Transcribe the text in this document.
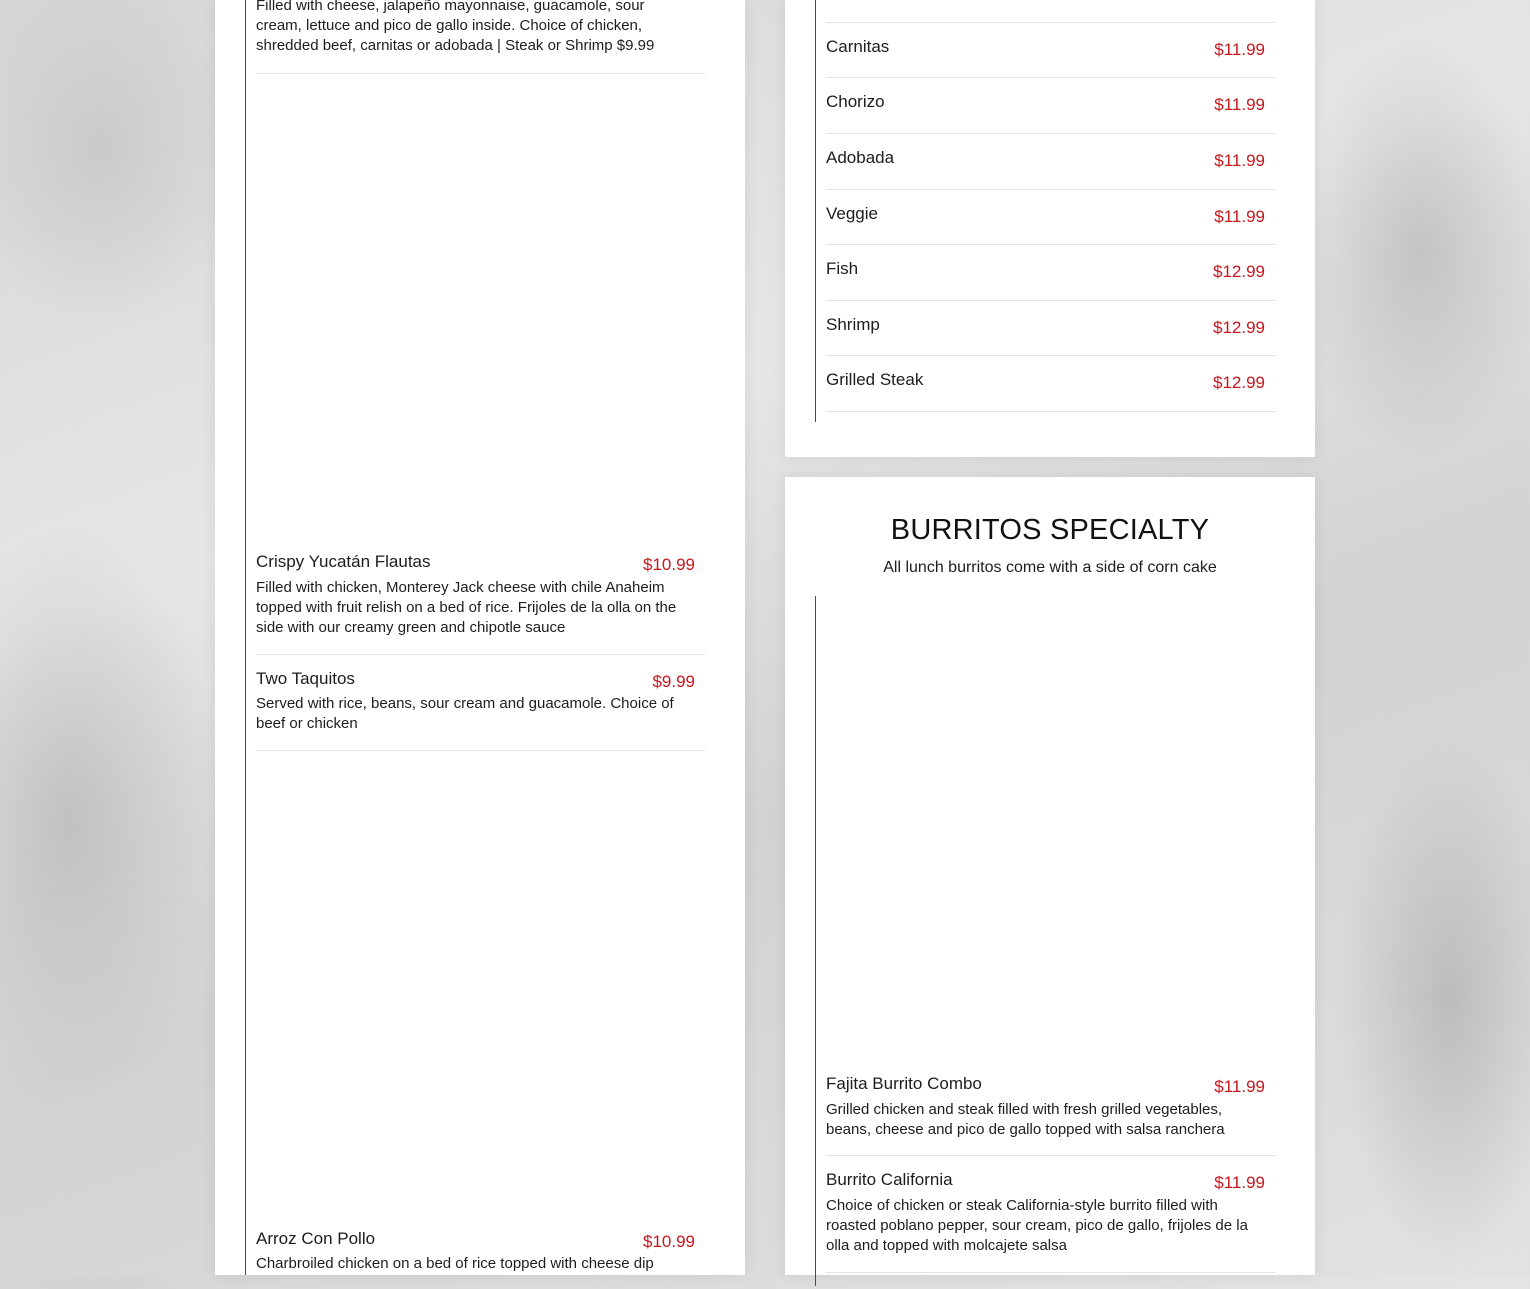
Filled with cheese, jalapeño mayonnaise, guacamole, sour cream, lettuce and pico de gallo inside. Choice of chicken, shredded beef, carnitas or adobada | Steak or Shrimp $9.99
Crispy Yucatán Flautas	$10.99
Filled with chicken, Monterey Jack cheese with chile Anaheim topped with fruit relish on a bed of rice. Frijoles de la olla on the side with our creamy green and chipotle sauce
Two Taquitos	$9.99
Served with rice, beans, sour cream and guacamole. Choice of beef or chicken
Arroz Con Pollo	$10.99
Charbroiled chicken on a bed of rice topped with cheese dip
Carnitas	$11.99
Chorizo	$11.99
Adobada	$11.99
Veggie	$11.99
Fish	$12.99
Shrimp	$12.99
Grilled Steak	$12.99
BURRITOS SPECIALTY
All lunch burritos come with a side of corn cake
Fajita Burrito Combo	$11.99
Grilled chicken and steak filled with fresh grilled vegetables, beans, cheese and pico de gallo topped with salsa ranchera
Burrito California	$11.99
Choice of chicken or steak California-style burrito filled with roasted poblano pepper, sour cream, pico de gallo, frijoles de la olla and topped with molcajete salsa
